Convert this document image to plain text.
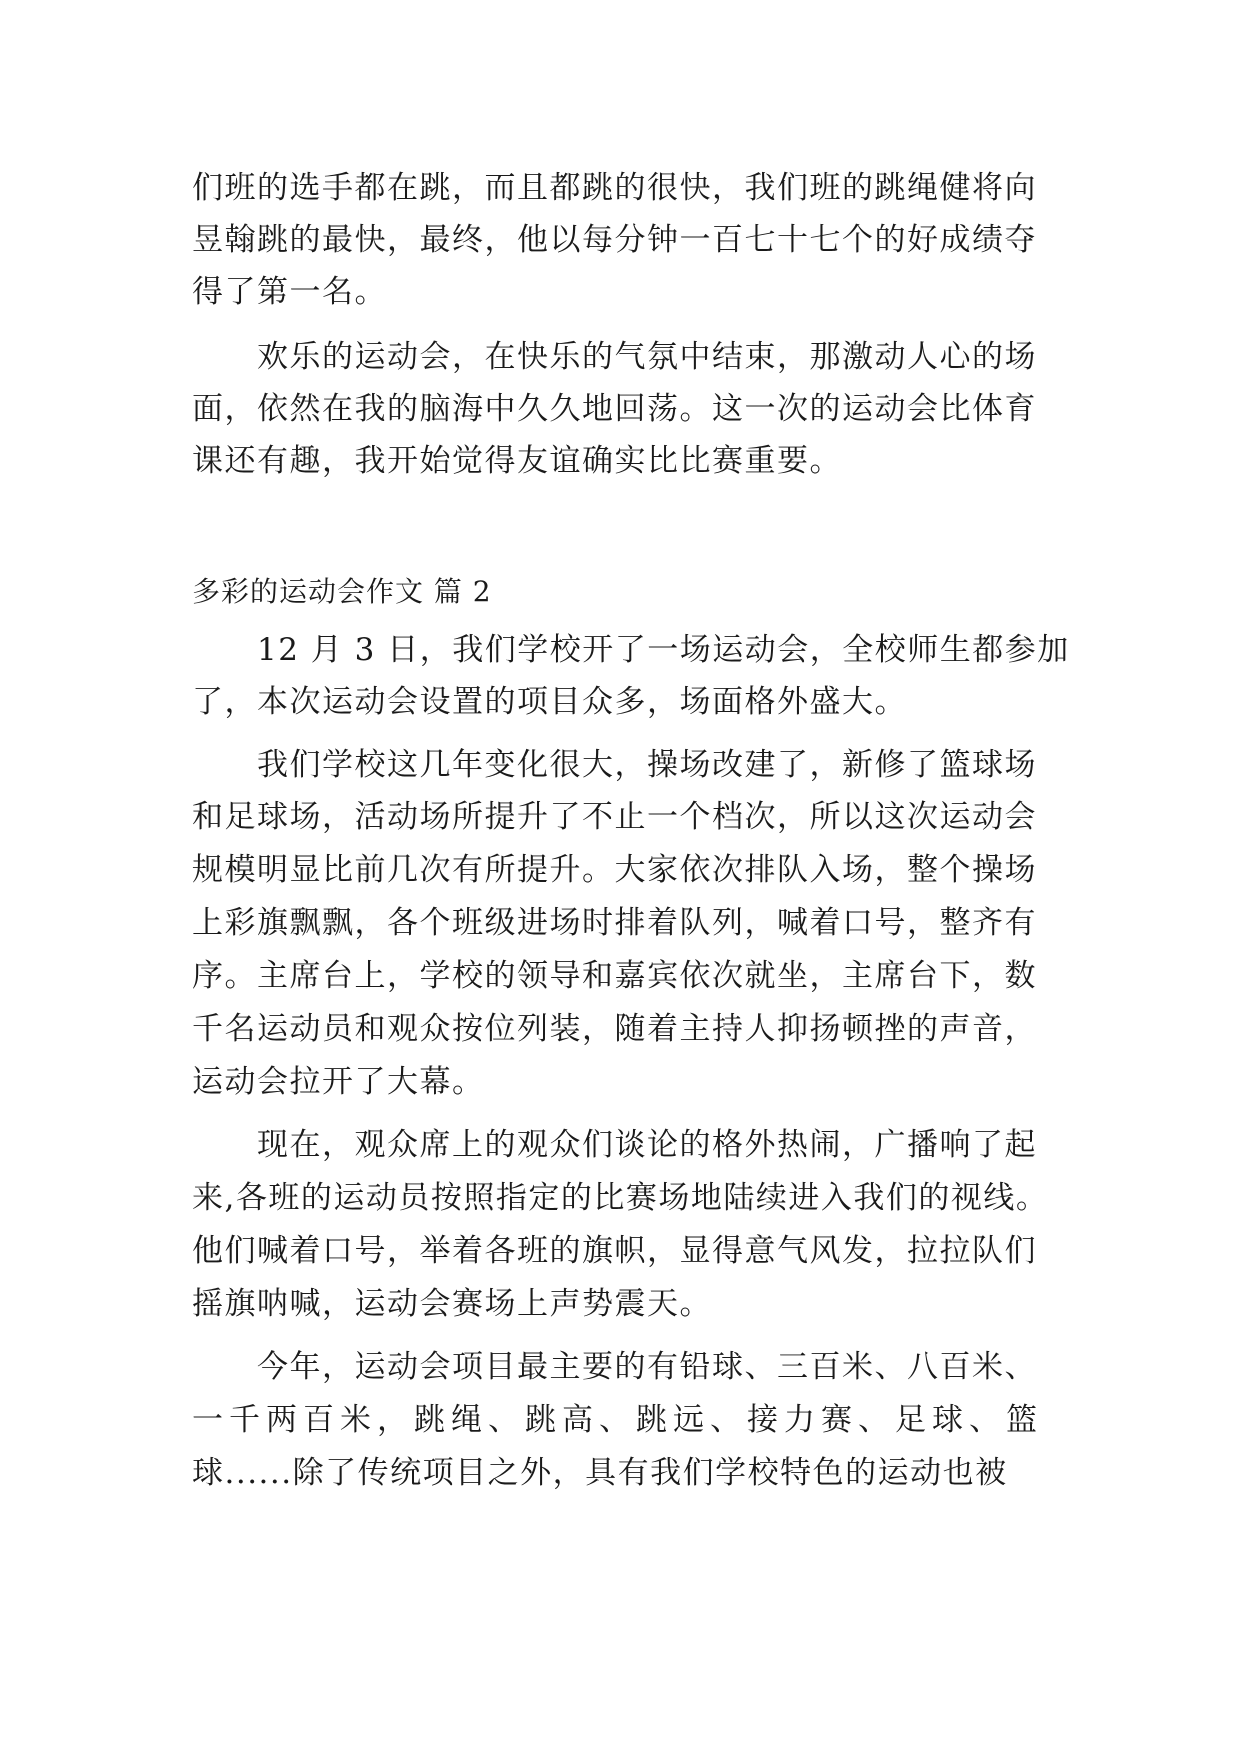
们班的选手都在跳，而且都跳的很快，我们班的跳绳健将向
昱翰跳的最快，最终，他以每分钟一百七十七个的好成绩夺
得了第一名。
　　欢乐的运动会，在快乐的气氛中结束，那激动人心的场
面，依然在我的脑海中久久地回荡。这一次的运动会比体育
课还有趣，我开始觉得友谊确实比比赛重要。
多彩的运动会作文 篇 2
　　12 月 3 日，我们学校开了一场运动会，全校师生都参加
了，本次运动会设置的项目众多，场面格外盛大。
　　我们学校这几年变化很大，操场改建了，新修了篮球场
和足球场，活动场所提升了不止一个档次，所以这次运动会
规模明显比前几次有所提升。大家依次排队入场，整个操场
上彩旗飘飘，各个班级进场时排着队列，喊着口号，整齐有
序。主席台上，学校的领导和嘉宾依次就坐，主席台下，数
千名运动员和观众按位列装，随着主持人抑扬顿挫的声音，
运动会拉开了大幕。
　　现在，观众席上的观众们谈论的格外热闹，广播响了起
来,各班的运动员按照指定的比赛场地陆续进入我们的视线。
他们喊着口号，举着各班的旗帜，显得意气风发，拉拉队们
摇旗呐喊，运动会赛场上声势震天。
　　今年，运动会项目最主要的有铅球、三百米、八百米、
一千两百米，跳绳、跳高、跳远、接力赛、足球、篮
球......除了传统项目之外，具有我们学校特色的运动也被
